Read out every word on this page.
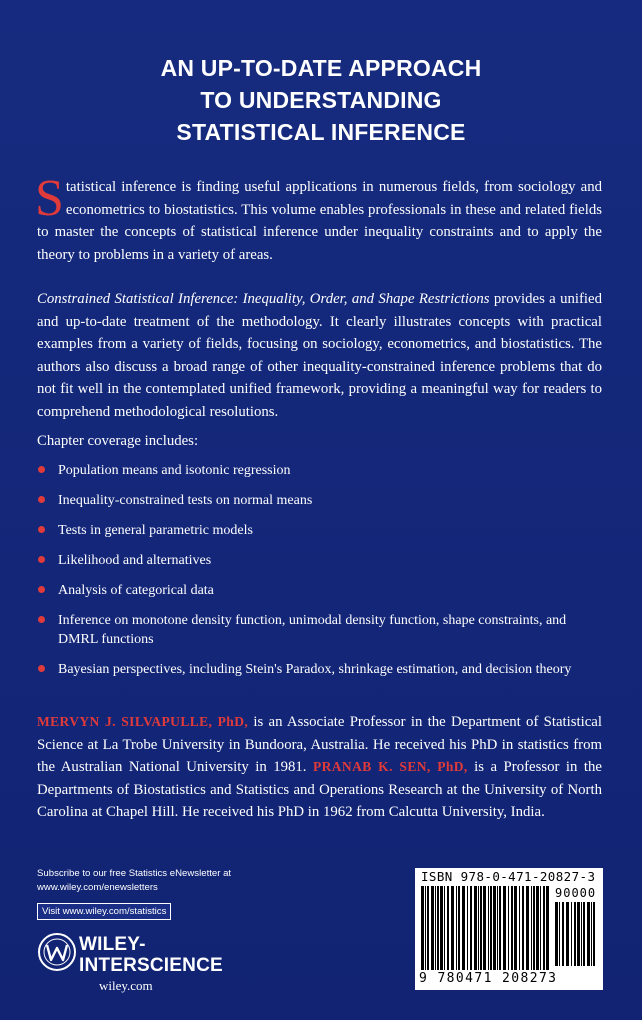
AN UP-TO-DATE APPROACH
TO UNDERSTANDING
STATISTICAL INFERENCE
Statistical inference is finding useful applications in numerous fields, from sociology and econometrics to biostatistics. This volume enables professionals in these and related fields to master the concepts of statistical inference under inequality constraints and to apply the theory to problems in a variety of areas.
Constrained Statistical Inference: Inequality, Order, and Shape Restrictions provides a unified and up-to-date treatment of the methodology. It clearly illustrates concepts with practical examples from a variety of fields, focusing on sociology, econometrics, and biostatistics. The authors also discuss a broad range of other inequality-constrained inference problems that do not fit well in the contemplated unified framework, providing a meaningful way for readers to comprehend methodological resolutions.
Chapter coverage includes:
Population means and isotonic regression
Inequality-constrained tests on normal means
Tests in general parametric models
Likelihood and alternatives
Analysis of categorical data
Inference on monotone density function, unimodal density function, shape constraints, and DMRL functions
Bayesian perspectives, including Stein's Paradox, shrinkage estimation, and decision theory
MERVYN J. SILVAPULLE, PhD, is an Associate Professor in the Department of Statistical Science at La Trobe University in Bundoora, Australia. He received his PhD in statistics from the Australian National University in 1981. PRANAB K. SEN, PhD, is a Professor in the Departments of Biostatistics and Statistics and Operations Research at the University of North Carolina at Chapel Hill. He received his PhD in 1962 from Calcutta University, India.
Subscribe to our free Statistics eNewsletter at
www.wiley.com/enewsletters
Visit www.wiley.com/statistics
WILEY-
INTERSCIENCE
wiley.com
ISBN 978-0-471-20827-3
90000
9 780471 208273
